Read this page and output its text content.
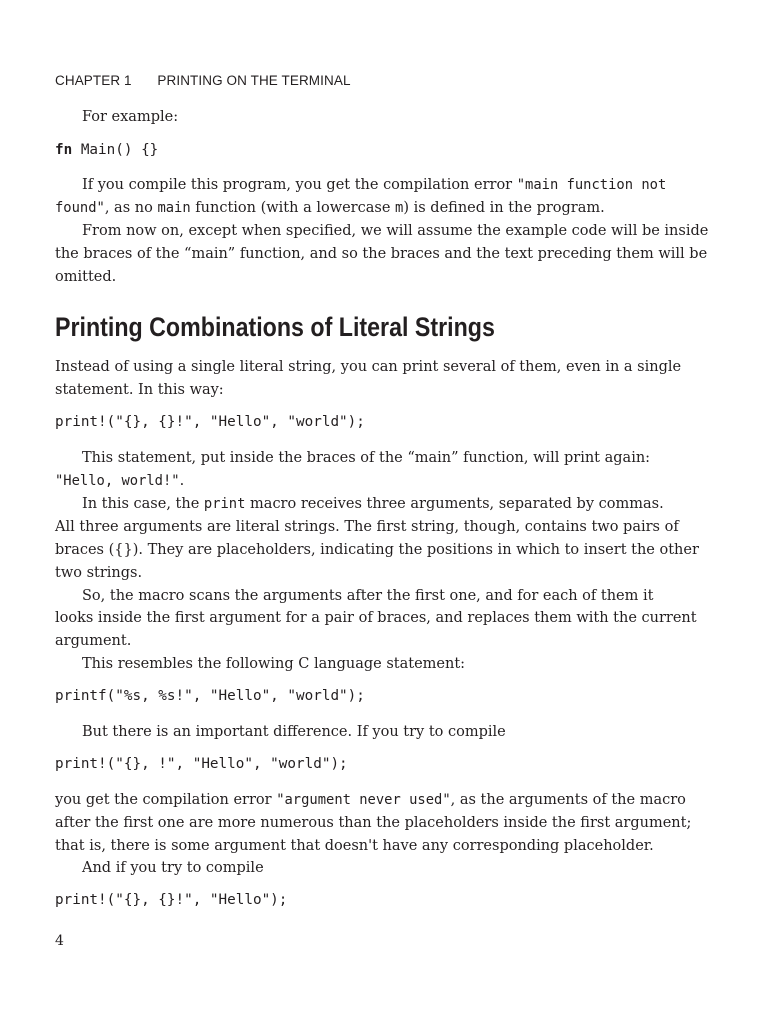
CHAPTER 1 PRINTING ON THE TERMINAL
For example:
fn Main() {}
If you compile this program, you get the compilation error "main function not
found", as no main function (with a lowercase m) is defined in the program.
From now on, except when specified, we will assume the example code will be inside
the braces of the “main” function, and so the braces and the text preceding them will be
omitted.
Printing Combinations of Literal Strings
Instead of using a single literal string, you can print several of them, even in a single
statement. In this way:
print!("{}, {}!", "Hello", "world");
This statement, put inside the braces of the “main” function, will print again:
"Hello, world!".
In this case, the print macro receives three arguments, separated by commas.
All three arguments are literal strings. The first string, though, contains two pairs of
braces ({}). They are placeholders, indicating the positions in which to insert the other
two strings.
So, the macro scans the arguments after the first one, and for each of them it
looks inside the first argument for a pair of braces, and replaces them with the current
argument.
This resembles the following C language statement:
printf("%s, %s!", "Hello", "world");
But there is an important difference. If you try to compile
print!("{}, !", "Hello", "world");
you get the compilation error "argument never used", as the arguments of the macro
after the first one are more numerous than the placeholders inside the first argument;
that is, there is some argument that doesn't have any corresponding placeholder.
And if you try to compile
print!("{}, {}!", "Hello");
4
